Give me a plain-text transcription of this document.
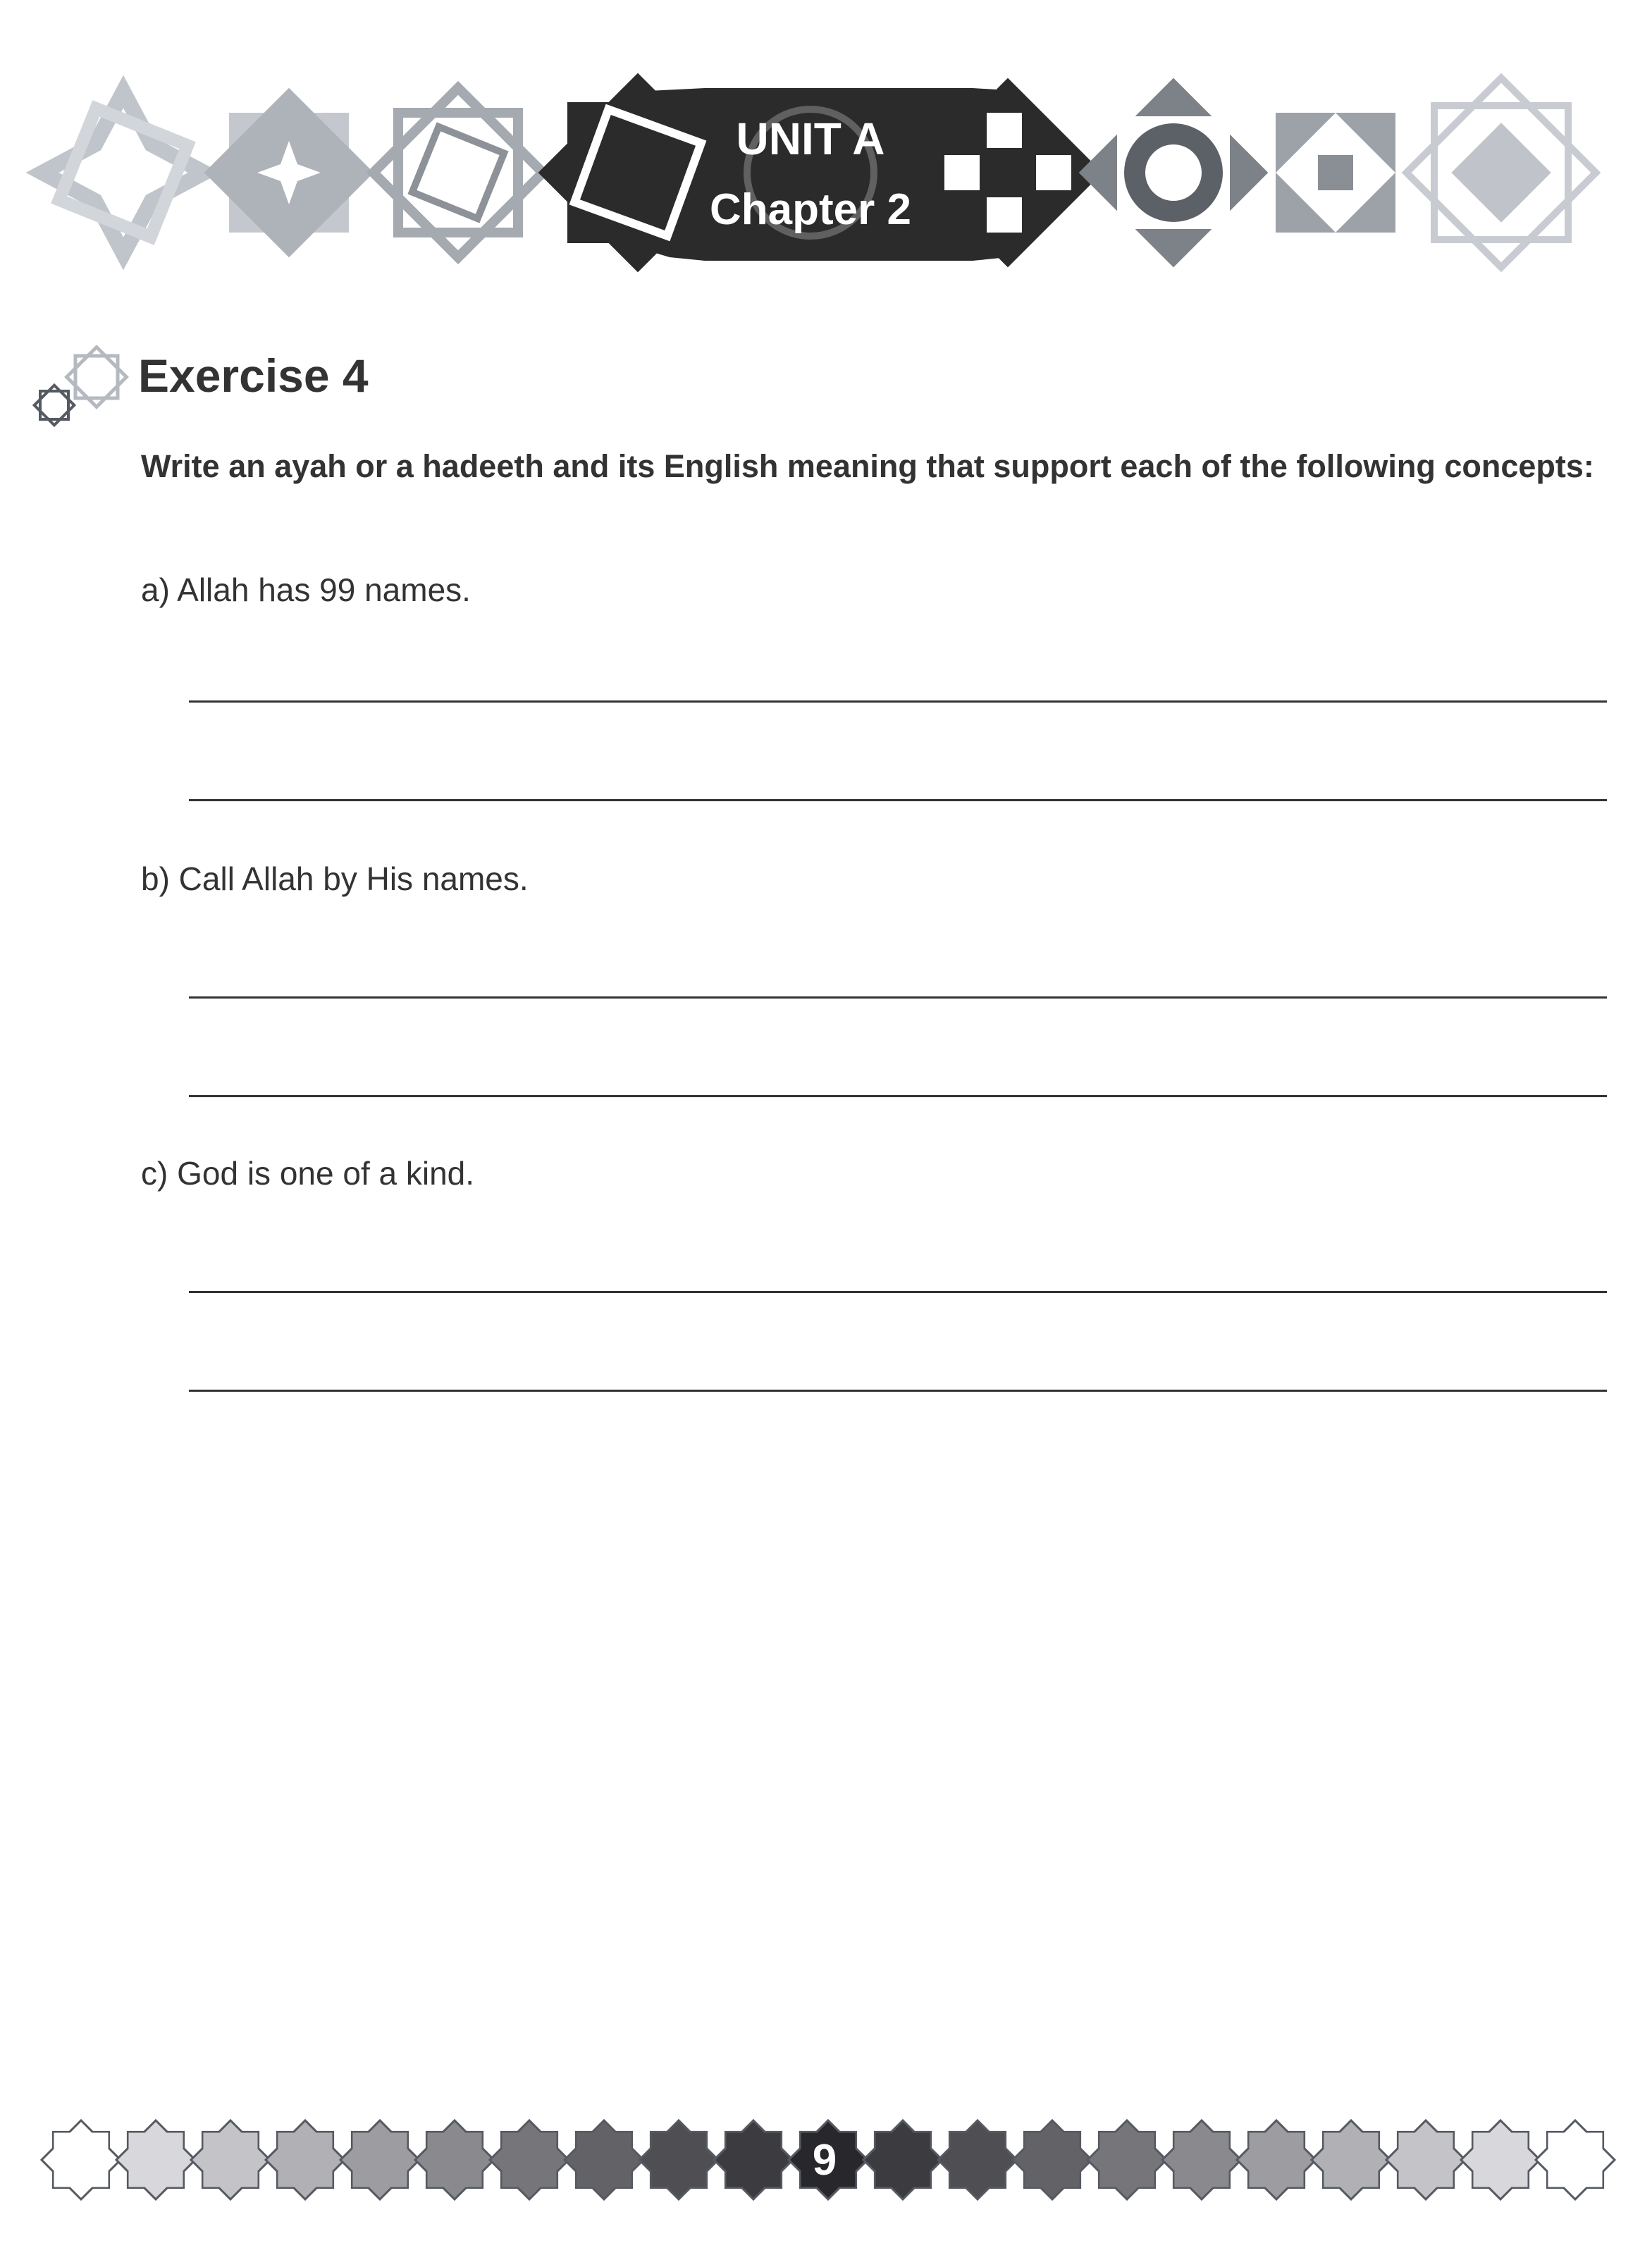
UNIT A
Chapter 2
Exercise 4
Write an ayah or a hadeeth and its English meaning that support each of the following concepts:
a) Allah has 99 names.
b) Call Allah by His names.
c) God is one of a kind.
9
